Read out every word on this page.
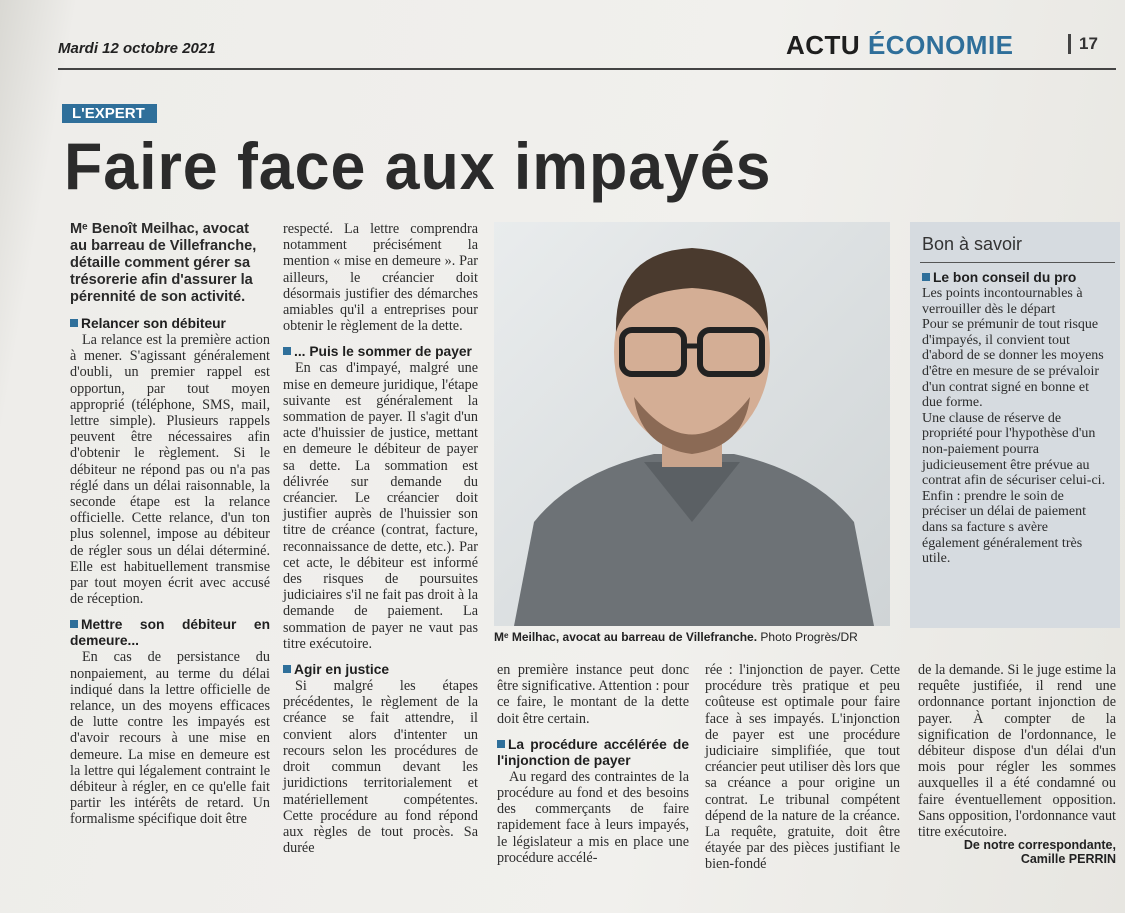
Mardi 12 octobre 2021	ACTU ÉCONOMIE	17
L'EXPERT
Faire face aux impayés

Mᵉ Benoît Meilhac, avocat au barreau de Villefranche, détaille comment gérer sa trésorerie afin d'assurer la pérennité de son activité.

Relancer son débiteur

La relance est la première action à mener. S'agissant généralement d'oubli, un premier rappel est opportun, par tout moyen approprié (téléphone, SMS, mail, lettre simple). Plusieurs rappels peuvent être nécessaires afin d'obtenir le règlement. Si le débiteur ne répond pas ou n'a pas réglé dans un délai raisonnable, la seconde étape est la relance officielle. Cette relance, d'un ton plus solennel, impose au débiteur de régler sous un délai déterminé. Elle est habituellement transmise par tout moyen écrit avec accusé de réception.

Mettre son débiteur en demeure...

En cas de persistance du nonpaiement, au terme du délai indiqué dans la lettre officielle de relance, un des moyens efficaces de lutte contre les impayés est d'avoir recours à une mise en demeure. La mise en demeure est la lettre qui légalement contraint le débiteur à régler, en ce qu'elle fait partir les intérêts de retard. Un formalisme spécifique doit être

respecté. La lettre comprendra notamment précisément la mention « mise en demeure ». Par ailleurs, le créancier doit désormais justifier des démarches amiables qu'il a entreprises pour obtenir le règlement de la dette.

... Puis le sommer de payer

En cas d'impayé, malgré une mise en demeure juridique, l'étape suivante est généralement la sommation de payer. Il s'agit d'un acte d'huissier de justice, mettant en demeure le débiteur de payer sa dette. La sommation est délivrée sur demande du créancier. Le créancier doit justifier auprès de l'huissier son titre de créance (contrat, facture, reconnaissance de dette, etc.). Par cet acte, le débiteur est informé des risques de poursuites judiciaires s'il ne fait pas droit à la demande de paiement. La sommation de payer ne vaut pas titre exécutoire.

Agir en justice

Si malgré les étapes précédentes, le règlement de la créance se fait attendre, il convient alors d'intenter un recours selon les procédures de droit commun devant les juridictions territorialement et matériellement compétentes. Cette procédure au fond répond aux règles de tout procès. Sa durée

Mᵉ Meilhac, avocat au barreau de Villefranche. Photo Progrès/DR

en première instance peut donc être significative. Attention : pour ce faire, le montant de la dette doit être certain.

La procédure accélérée de l'injonction de payer

Au regard des contraintes de la procédure au fond et des besoins des commerçants de faire rapidement face à leurs impayés, le législateur a mis en place une procédure accélé-

rée : l'injonction de payer. Cette procédure très pratique et peu coûteuse est optimale pour faire face à ses impayés. L'injonction de payer est une procédure judiciaire simplifiée, que tout créancier peut utiliser dès lors que sa créance a pour origine un contrat. Le tribunal compétent dépend de la nature de la créance. La requête, gratuite, doit être étayée par des pièces justifiant le bien-fondé

de la demande. Si le juge estime la requête justifiée, il rend une ordonnance portant injonction de payer. À compter de la signification de l'ordonnance, le débiteur dispose d'un délai d'un mois pour régler les sommes auxquelles il a été condamné ou faire éventuellement opposition. Sans opposition, l'ordonnance vaut titre exécutoire.

De notre correspondante,
Camille PERRIN
Bon à savoir

Le bon conseil du pro

Les points incontournables à verrouiller dès le départ

Pour se prémunir de tout risque d'impayés, il convient tout d'abord de se donner les moyens d'être en mesure de se prévaloir d'un contrat signé en bonne et due forme.

Une clause de réserve de propriété pour l'hypothèse d'un non-paiement pourra judicieusement être prévue au contrat afin de sécuriser celui-ci.

Enfin : prendre le soin de préciser un délai de paiement dans sa facture s avère également généralement très utile.
